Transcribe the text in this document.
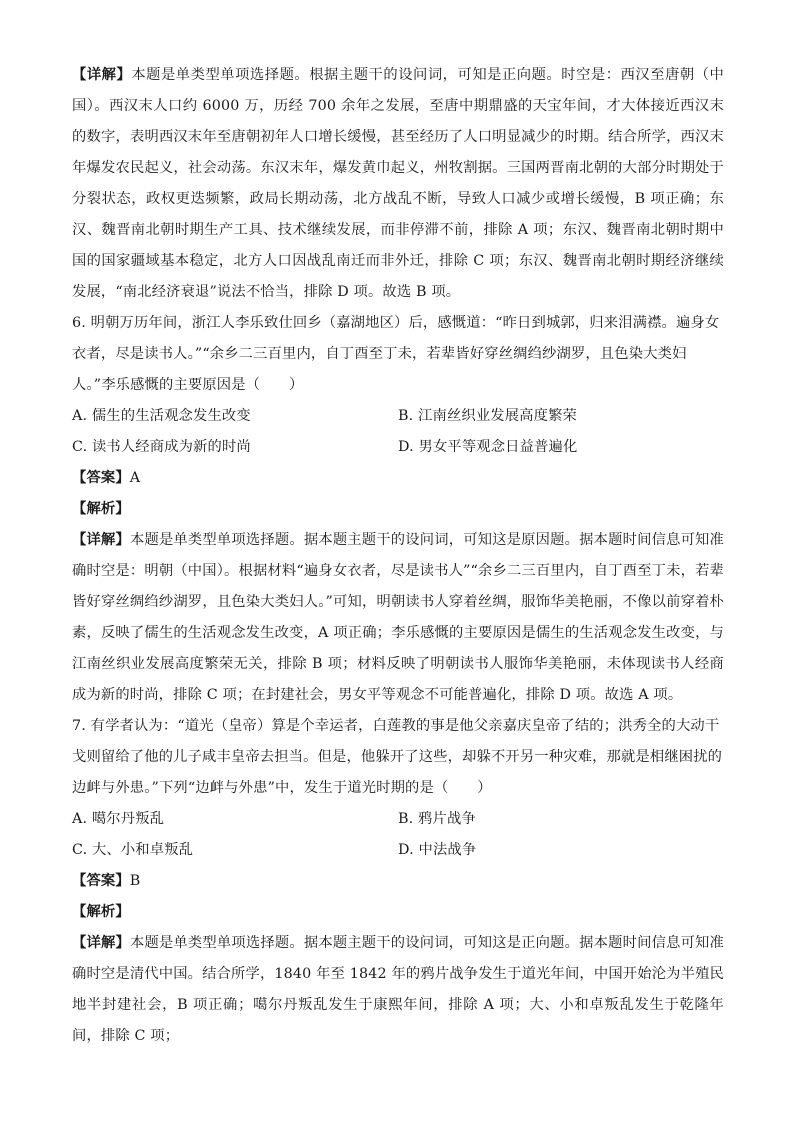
【详解】本题是单类型单项选择题。根据主题干的设问词，可知是正向题。时空是：西汉至唐朝（中国）。西汉末人口约 6000 万，历经 700 余年之发展，至唐中期鼎盛的天宝年间，才大体接近西汉末的数字，表明西汉末年至唐朝初年人口增长缓慢，甚至经历了人口明显减少的时期。结合所学，西汉末年爆发农民起义，社会动荡。东汉末年，爆发黄巾起义，州牧割据。三国两晋南北朝的大部分时期处于分裂状态，政权更迭频繁，政局长期动荡，北方战乱不断，导致人口减少或增长缓慢，B 项正确；东汉、魏晋南北朝时期生产工具、技术继续发展，而非停滞不前，排除 A 项；东汉、魏晋南北朝时期中国的国家疆域基本稳定，北方人口因战乱南迁而非外迁，排除 C 项；东汉、魏晋南北朝时期经济继续发展，“南北经济衰退”说法不恰当，排除 D 项。故选 B 项。

6. 明朝万历年间，浙江人李乐致仕回乡（嘉湖地区）后，感慨道：“昨日到城郭，归来泪满襟。遍身女衣者，尽是读书人。”“余乡二三百里内，自丁酉至丁未，若辈皆好穿丝绸绉纱湖罗，且色染大类妇人。”李乐感慨的主要原因是（　　）

A. 儒生的生活观念发生改变	B. 江南丝织业发展高度繁荣
C. 读书人经商成为新的时尚	D. 男女平等观念日益普遍化

【答案】A

【解析】

【详解】本题是单类型单项选择题。据本题主题干的设问词，可知这是原因题。据本题时间信息可知准确时空是：明朝（中国）。根据材料“遍身女衣者，尽是读书人”“余乡二三百里内，自丁酉至丁未，若辈皆好穿丝绸绉纱湖罗，且色染大类妇人。”可知，明朝读书人穿着丝绸，服饰华美艳丽，不像以前穿着朴素，反映了儒生的生活观念发生改变，A 项正确；李乐感慨的主要原因是儒生的生活观念发生改变，与江南丝织业发展高度繁荣无关，排除 B 项；材料反映了明朝读书人服饰华美艳丽，未体现读书人经商成为新的时尚，排除 C 项；在封建社会，男女平等观念不可能普遍化，排除 D 项。故选 A 项。

7. 有学者认为：“道光（皇帝）算是个幸运者，白莲教的事是他父亲嘉庆皇帝了结的；洪秀全的大动干戈则留给了他的儿子咸丰皇帝去担当。但是，他躲开了这些，却躲不开另一种灾难，那就是相继困扰的边衅与外患。”下列“边衅与外患”中，发生于道光时期的是（　　）

A. 噶尔丹叛乱	B. 鸦片战争
C. 大、小和卓叛乱	D. 中法战争

【答案】B

【解析】

【详解】本题是单类型单项选择题。据本题主题干的设问词，可知这是正向题。据本题时间信息可知准确时空是清代中国。结合所学，1840 年至 1842 年的鸦片战争发生于道光年间，中国开始沦为半殖民地半封建社会，B 项正确；噶尔丹叛乱发生于康熙年间，排除 A 项；大、小和卓叛乱发生于乾隆年间，排除 C 项；
